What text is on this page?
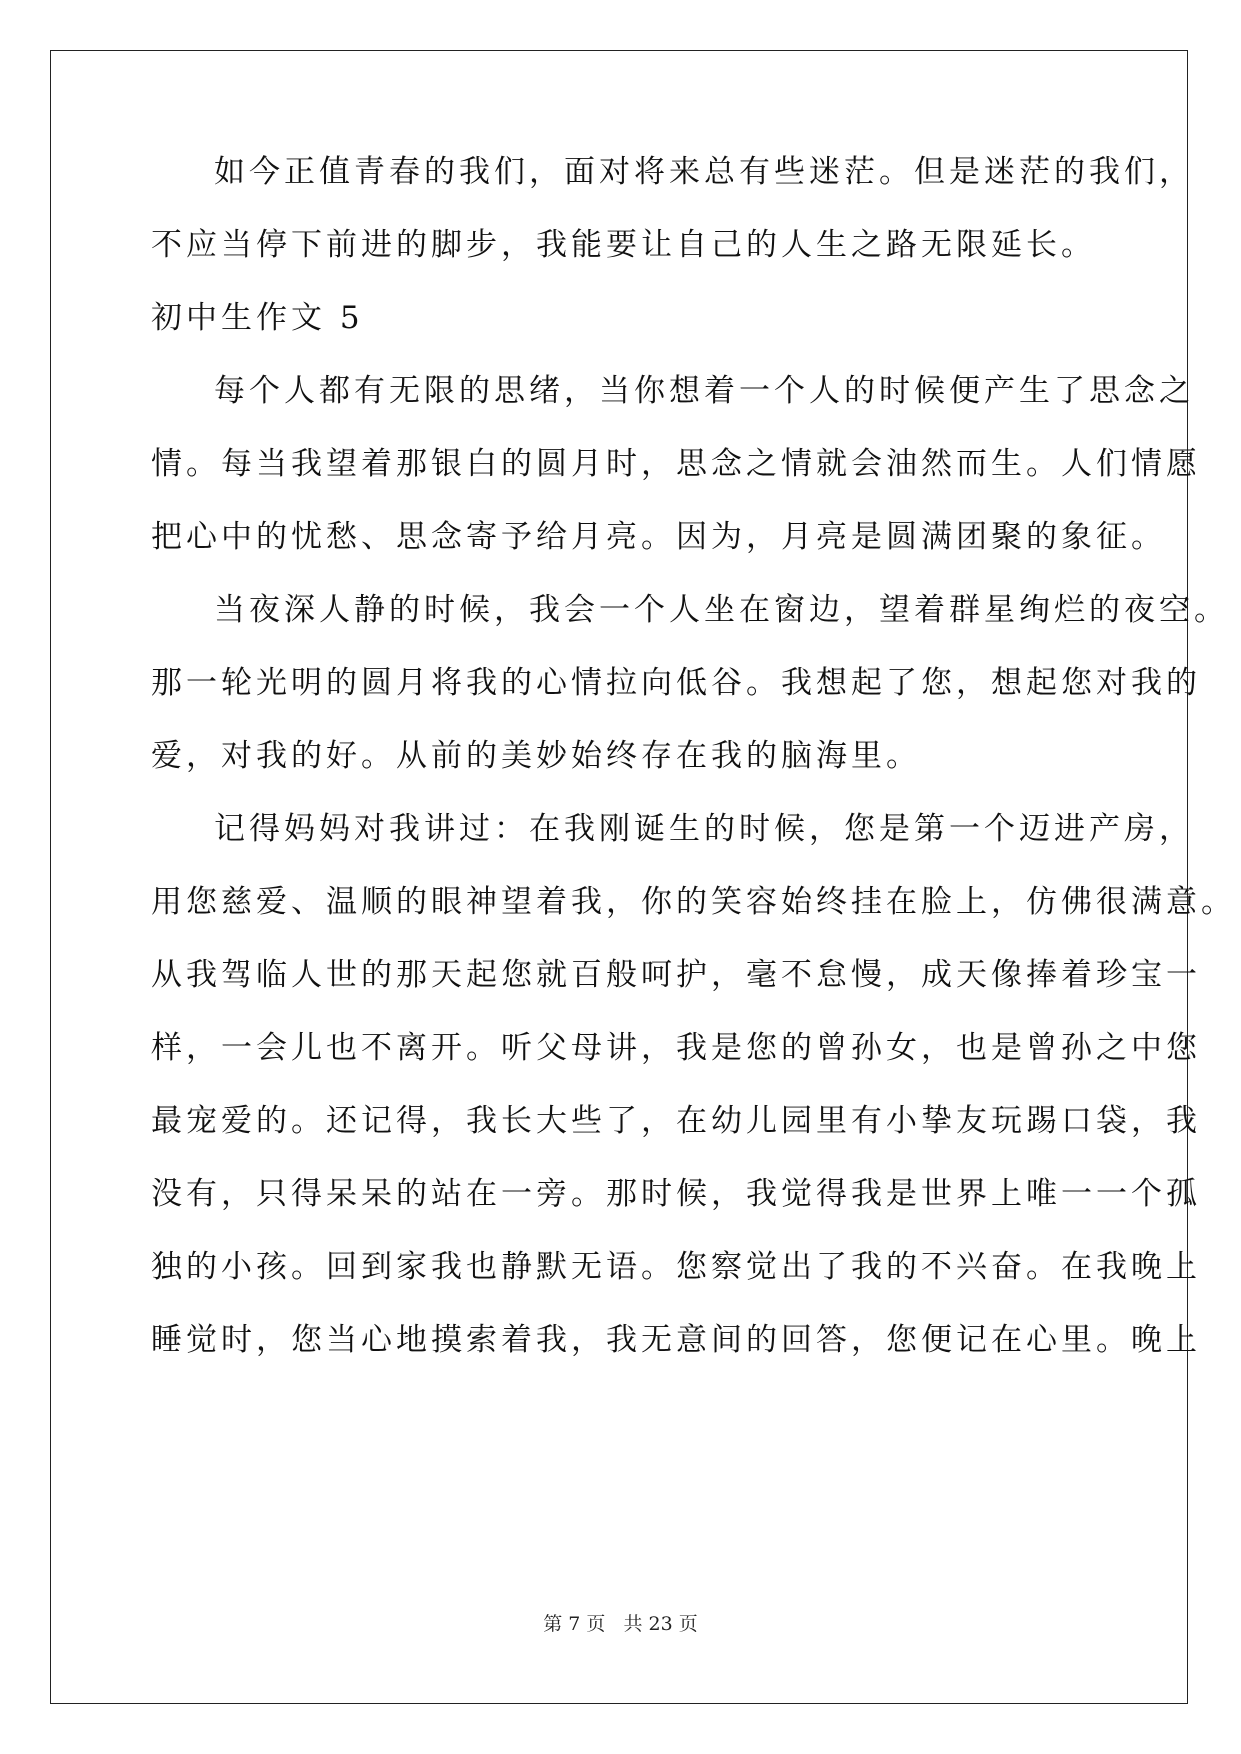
如今正值青春的我们，面对将来总有些迷茫。但是迷茫的我们，
不应当停下前进的脚步，我能要让自己的人生之路无限延长。
初中生作文 5
每个人都有无限的思绪，当你想着一个人的时候便产生了思念之
情。每当我望着那银白的圆月时，思念之情就会油然而生。人们情愿
把心中的忧愁、思念寄予给月亮。因为，月亮是圆满团聚的象征。
当夜深人静的时候，我会一个人坐在窗边，望着群星绚烂的夜空。
那一轮光明的圆月将我的心情拉向低谷。我想起了您，想起您对我的
爱，对我的好。从前的美妙始终存在我的脑海里。
记得妈妈对我讲过：在我刚诞生的时候，您是第一个迈进产房，
用您慈爱、温顺的眼神望着我，你的笑容始终挂在脸上，仿佛很满意。
从我驾临人世的那天起您就百般呵护，毫不怠慢，成天像捧着珍宝一
样，一会儿也不离开。听父母讲，我是您的曾孙女，也是曾孙之中您
最宠爱的。还记得，我长大些了，在幼儿园里有小挚友玩踢口袋，我
没有，只得呆呆的站在一旁。那时候，我觉得我是世界上唯一一个孤
独的小孩。回到家我也静默无语。您察觉出了我的不兴奋。在我晚上
睡觉时，您当心地摸索着我，我无意间的回答，您便记在心里。晚上
第 7 页 共 23 页
